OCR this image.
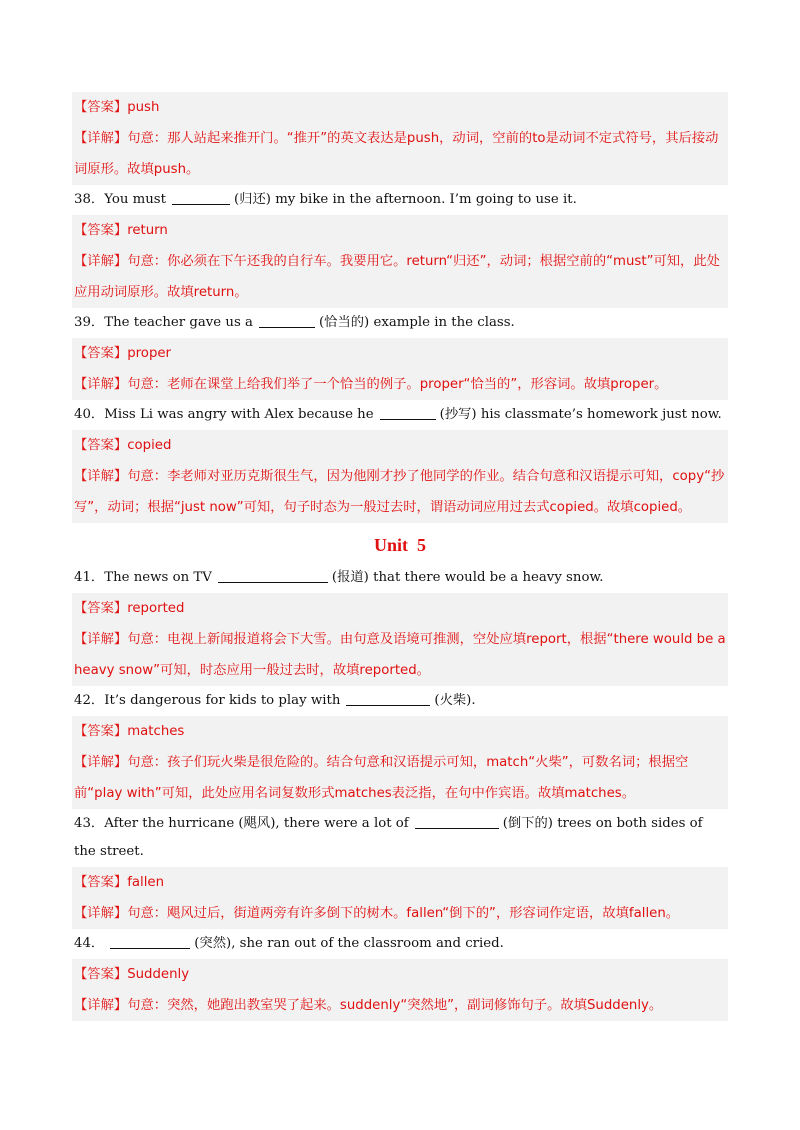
【答案】push
【详解】句意：那人站起来推开门。“推开”的英文表达是push，动词，空前的to是动词不定式符号，其后接动词原形。故填push。
38．You must	(归还) my bike in the afternoon. I’m going to use it.
【答案】return
【详解】句意：你必须在下午还我的自行车。我要用它。return“归还”，动词；根据空前的“must”可知，此处应用动词原形。故填return。
39．The teacher gave us a	(恰当的) example in the class.
【答案】proper
【详解】句意：老师在课堂上给我们举了一个恰当的例子。proper“恰当的”，形容词。故填proper。
40．Miss Li was angry with Alex because he	(抄写) his classmate’s homework just now.
【答案】copied
【详解】句意：李老师对亚历克斯很生气，因为他刚才抄了他同学的作业。结合句意和汉语提示可知，copy“抄写”，动词；根据“just now”可知，句子时态为一般过去时，谓语动词应用过去式copied。故填copied。
Unit  5
41．The news on TV	(报道) that there would be a heavy snow.
【答案】reported
【详解】句意：电视上新闻报道将会下大雪。由句意及语境可推测，空处应填report，根据“there would be a heavy snow”可知，时态应用一般过去时，故填reported。
42．It’s dangerous for kids to play with	(火柴).
【答案】matches
【详解】句意：孩子们玩火柴是很危险的。结合句意和汉语提示可知，match“火柴”，可数名词；根据空前“play with”可知，此处应用名词复数形式matches表泛指，在句中作宾语。故填matches。
43．After the hurricane (飓风), there were a lot of	(倒下的) trees on both sides of the street.
【答案】fallen
【详解】句意：飓风过后，街道两旁有许多倒下的树木。fallen“倒下的”，形容词作定语，故填fallen。
44．	(突然), she ran out of the classroom and cried.
【答案】Suddenly
【详解】句意：突然，她跑出教室哭了起来。suddenly“突然地”，副词修饰句子。故填Suddenly。
